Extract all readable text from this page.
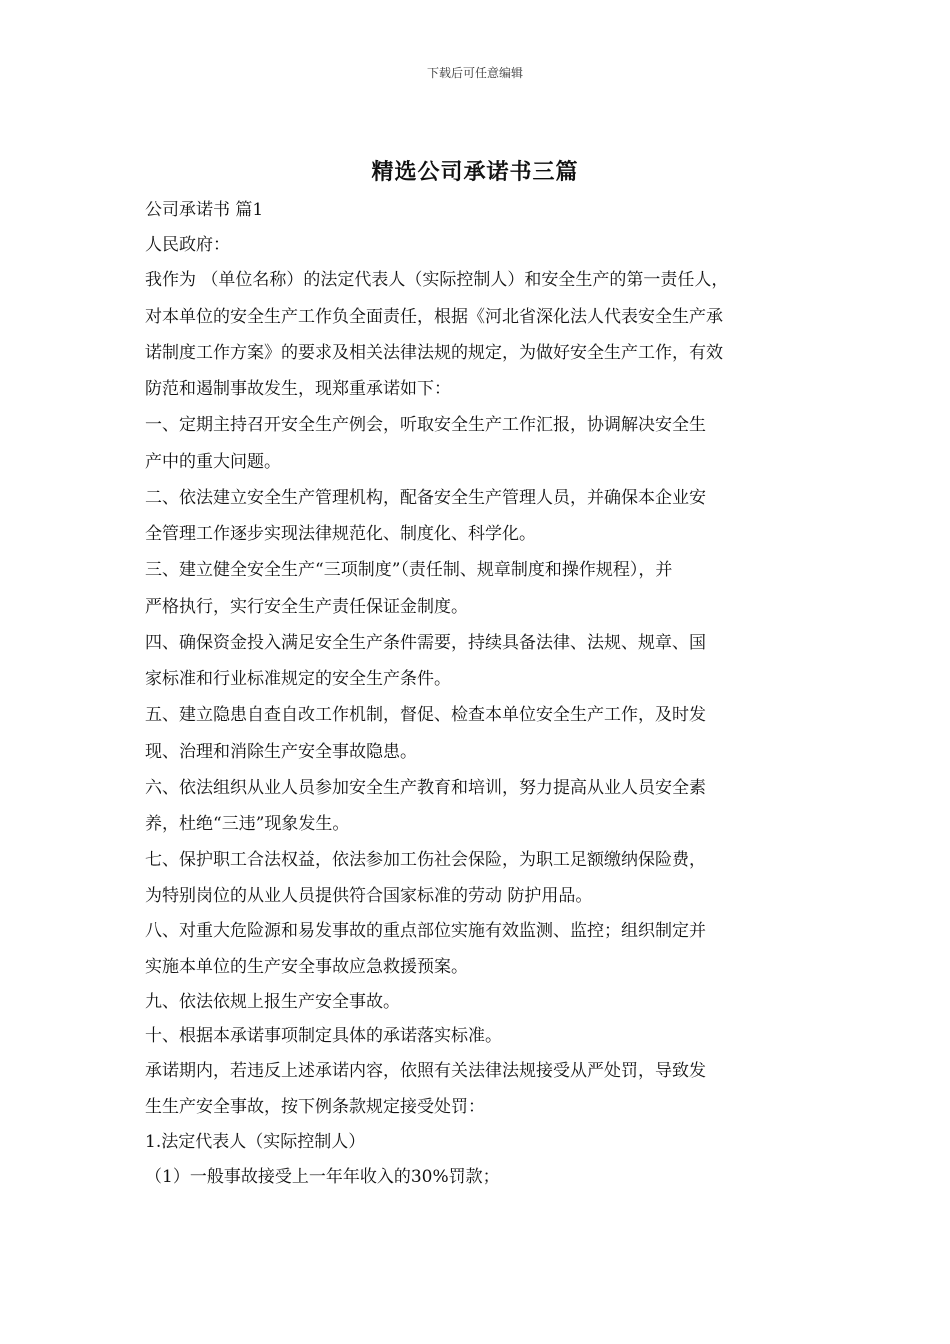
下载后可任意编辑
精选公司承诺书三篇
公司承诺书 篇1
人民政府：
我作为 （单位名称）的法定代表人（实际控制人）和安全生产的第一责任人，
对本单位的安全生产工作负全面责任，根据《河北省深化法人代表安全生产承
诺制度工作方案》的要求及相关法律法规的规定，为做好安全生产工作，有效
防范和遏制事故发生，现郑重承诺如下：
一、定期主持召开安全生产例会，听取安全生产工作汇报，协调解决安全生
产中的重大问题。
二、依法建立安全生产管理机构，配备安全生产管理人员，并确保本企业安
全管理工作逐步实现法律规范化、制度化、科学化。
三、建立健全安全生产“三项制度”（责任制、规章制度和操作规程），并
严格执行，实行安全生产责任保证金制度。
四、确保资金投入满足安全生产条件需要，持续具备法律、法规、规章、国
家标准和行业标准规定的安全生产条件。
五、建立隐患自查自改工作机制，督促、检查本单位安全生产工作，及时发
现、治理和消除生产安全事故隐患。
六、依法组织从业人员参加安全生产教育和培训，努力提高从业人员安全素
养，杜绝“三违”现象发生。
七、保护职工合法权益，依法参加工伤社会保险，为职工足额缴纳保险费，
为特别岗位的从业人员提供符合国家标准的劳动 防护用品。
八、对重大危险源和易发事故的重点部位实施有效监测、监控；组织制定并
实施本单位的生产安全事故应急救援预案。
九、依法依规上报生产安全事故。
十、根据本承诺事项制定具体的承诺落实标准。
承诺期内，若违反上述承诺内容，依照有关法律法规接受从严处罚，导致发
生生产安全事故，按下例条款规定接受处罚：
1.法定代表人（实际控制人）
（1）一般事故接受上一年年收入的30%罚款；
